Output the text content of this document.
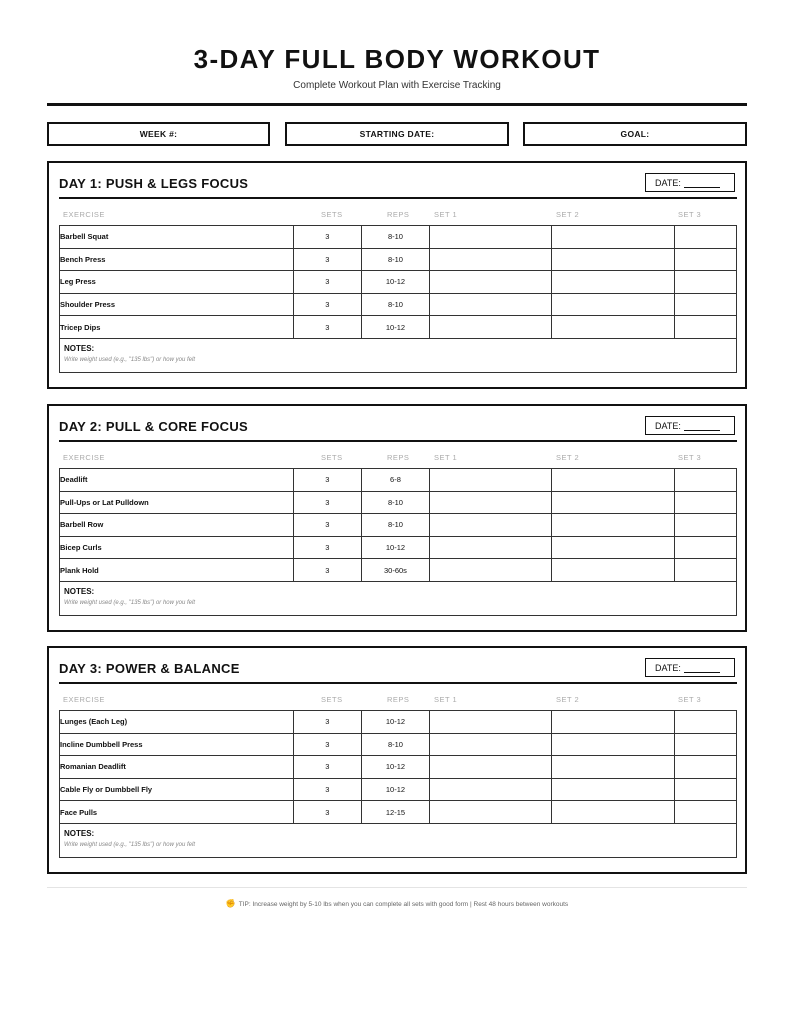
3-DAY FULL BODY WORKOUT
Complete Workout Plan with Exercise Tracking
WEEK #:	STARTING DATE:	GOAL:
DAY 1: PUSH & LEGS FOCUS	DATE:
EXERCISE	SETS	REPS	SET 1	SET 2	SET 3
Barbell Squat	3	8-10			
Bench Press	3	8-10			
Leg Press	3	10-12			
Shoulder Press	3	8-10			
Tricep Dips	3	10-12			
NOTES:
Write weight used (e.g., "135 lbs") or how you felt
DAY 2: PULL & CORE FOCUS	DATE:
EXERCISE	SETS	REPS	SET 1	SET 2	SET 3
Deadlift	3	6-8			
Pull-Ups or Lat Pulldown	3	8-10			
Barbell Row	3	8-10			
Bicep Curls	3	10-12			
Plank Hold	3	30-60s			
NOTES:
Write weight used (e.g., "135 lbs") or how you felt
DAY 3: POWER & BALANCE	DATE:
EXERCISE	SETS	REPS	SET 1	SET 2	SET 3
Lunges (Each Leg)	3	10-12			
Incline Dumbbell Press	3	8-10			
Romanian Deadlift	3	10-12			
Cable Fly or Dumbbell Fly	3	10-12			
Face Pulls	3	12-15			
NOTES:
Write weight used (e.g., "135 lbs") or how you felt
✊ TIP: Increase weight by 5-10 lbs when you can complete all sets with good form | Rest 48 hours between workouts
